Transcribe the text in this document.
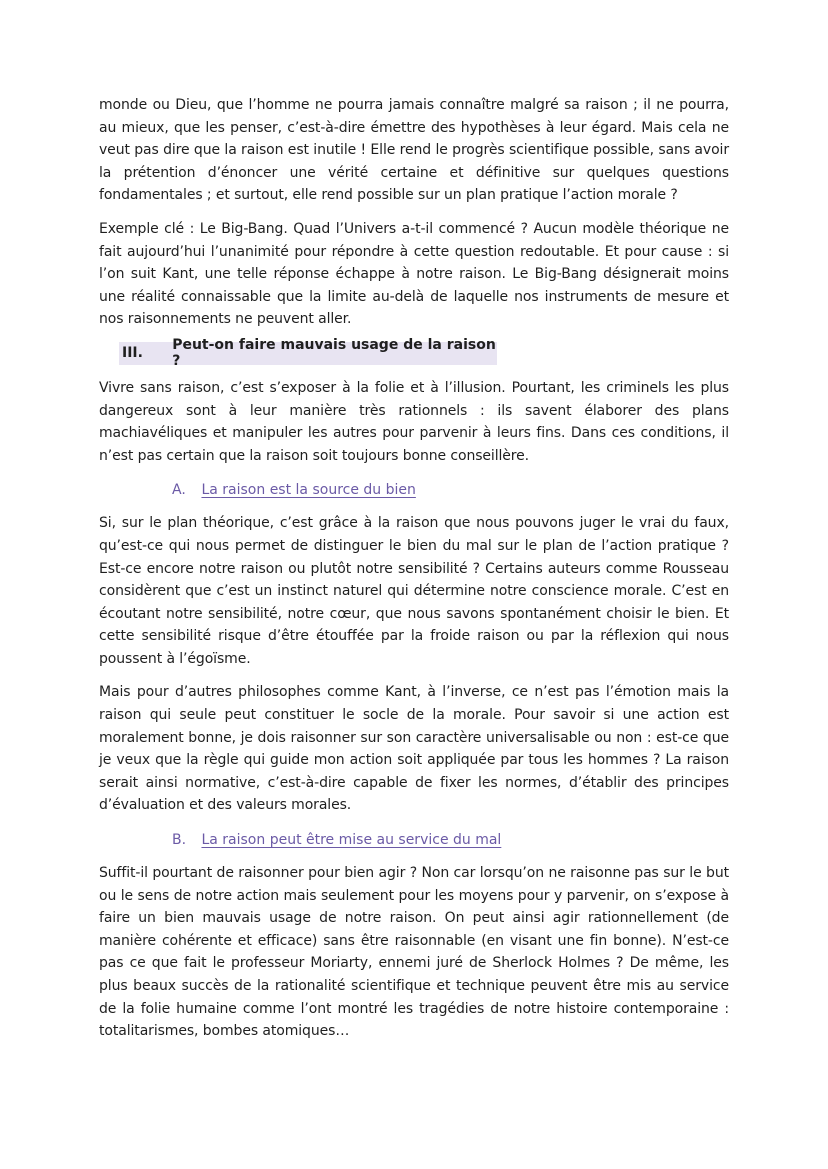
monde ou Dieu, que l’homme ne pourra jamais connaître malgré sa raison ; il ne pourra, au mieux, que les penser, c’est-à-dire émettre des hypothèses à leur égard. Mais cela ne veut pas dire que la raison est inutile ! Elle rend le progrès scientifique possible, sans avoir la prétention d’énoncer une vérité certaine et définitive sur quelques questions fondamentales ; et surtout, elle rend possible sur un plan pratique l’action morale ?

Exemple clé : Le Big-Bang. Quad l’Univers a-t-il commencé ? Aucun modèle théorique ne fait aujourd’hui l’unanimité pour répondre à cette question redoutable. Et pour cause : si l’on suit Kant, une telle réponse échappe à notre raison. Le Big-Bang désignerait moins une réalité connaissable que la limite au-delà de laquelle nos instruments de mesure et nos raisonnements ne peuvent aller.

III.	Peut-on faire mauvais usage de la raison ?

Vivre sans raison, c’est s’exposer à la folie et à l’illusion. Pourtant, les criminels les plus dangereux sont à leur manière très rationnels : ils savent élaborer des plans machiavéliques et manipuler les autres pour parvenir à leurs fins. Dans ces conditions, il n’est pas certain que la raison soit toujours bonne conseillère.

A. La raison est la source du bien

Si, sur le plan théorique, c’est grâce à la raison que nous pouvons juger le vrai du faux, qu’est-ce qui nous permet de distinguer le bien du mal sur le plan de l’action pratique ? Est-ce encore notre raison ou plutôt notre sensibilité ? Certains auteurs comme Rousseau considèrent que c’est un instinct naturel qui détermine notre conscience morale. C’est en écoutant notre sensibilité, notre cœur, que nous savons spontanément choisir le bien. Et cette sensibilité risque d’être étouffée par la froide raison ou par la réflexion qui nous poussent à l’égoïsme.

Mais pour d’autres philosophes comme Kant, à l’inverse, ce n’est pas l’émotion mais la raison qui seule peut constituer le socle de la morale. Pour savoir si une action est moralement bonne, je dois raisonner sur son caractère universalisable ou non : est-ce que je veux que la règle qui guide mon action soit appliquée par tous les hommes ? La raison serait ainsi normative, c’est-à-dire capable de fixer les normes, d’établir des principes d’évaluation et des valeurs morales.

B. La raison peut être mise au service du mal

Suffit-il pourtant de raisonner pour bien agir ? Non car lorsqu’on ne raisonne pas sur le but ou le sens de notre action mais seulement pour les moyens pour y parvenir, on s’expose à faire un bien mauvais usage de notre raison. On peut ainsi agir rationnellement (de manière cohérente et efficace) sans être raisonnable (en visant une fin bonne). N’est-ce pas ce que fait le professeur Moriarty, ennemi juré de Sherlock Holmes ? De même, les plus beaux succès de la rationalité scientifique et technique peuvent être mis au service de la folie humaine comme l’ont montré les tragédies de notre histoire contemporaine : totalitarismes, bombes atomiques…
